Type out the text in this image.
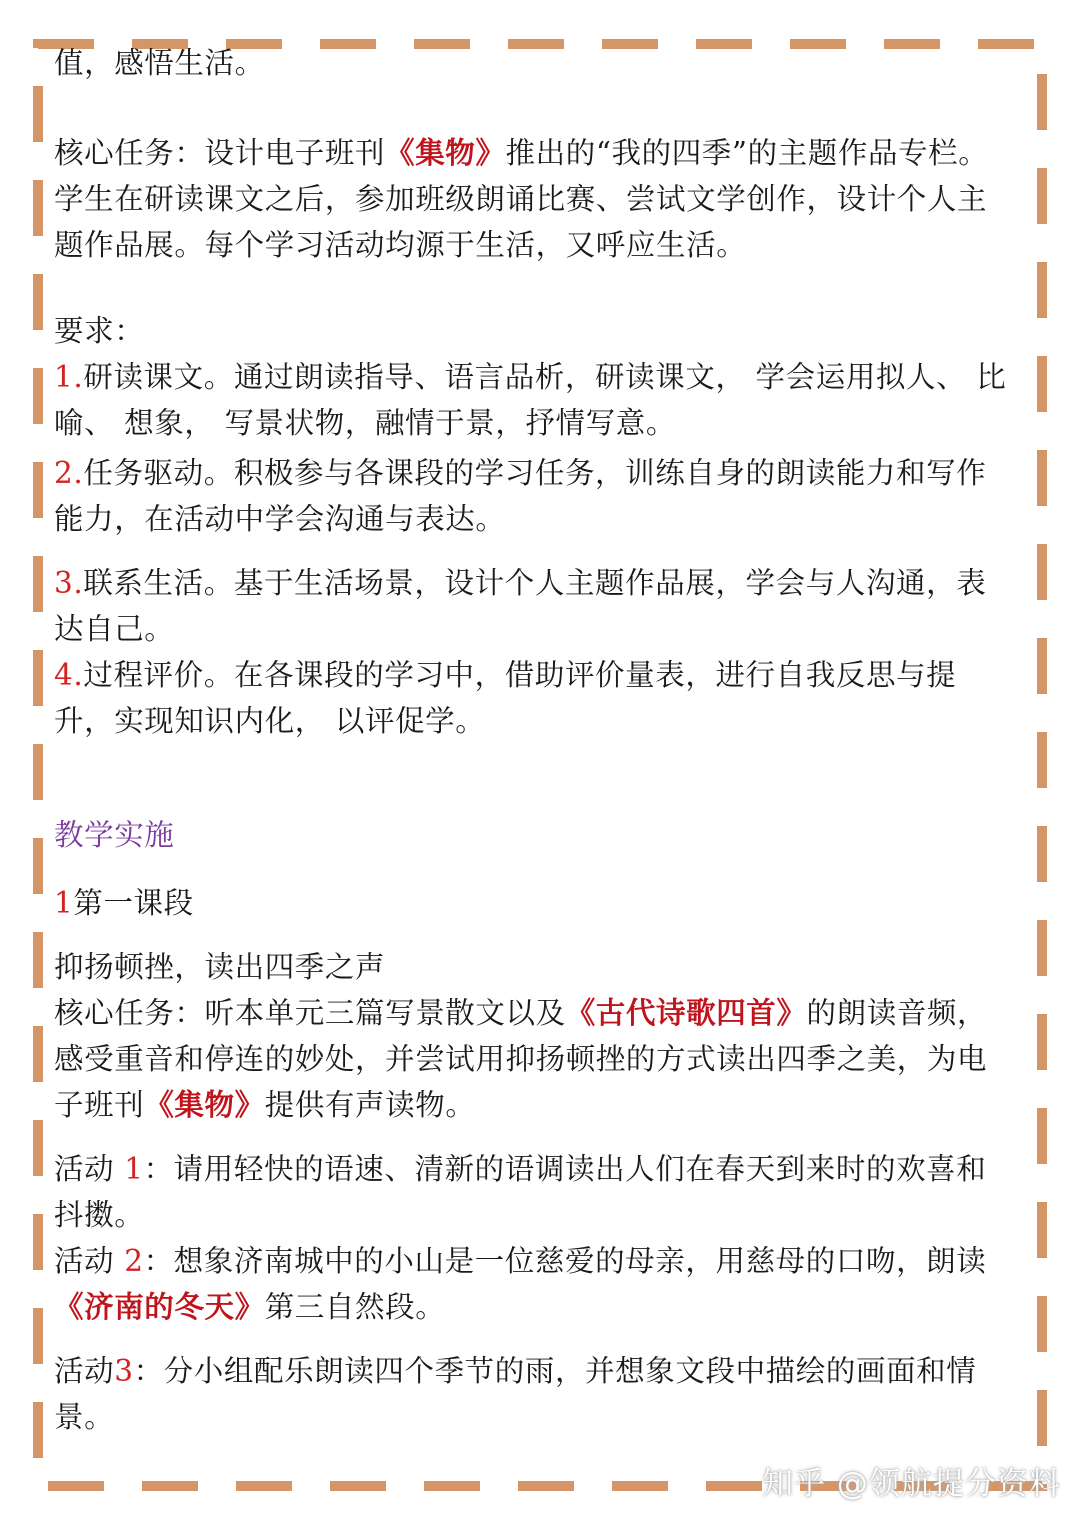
值，感悟生活。

核心任务：设计电子班刊《集物》推出的“我的四季”的主题作品专栏。学生在研读课文之后，参加班级朗诵比赛、尝试文学创作，设计个人主题作品展。每个学习活动均源于生活，又呼应生活。

要求：

1.研读课文。通过朗读指导、语言品析，研读课文， 学会运用拟人、 比喻、 想象， 写景状物，融情于景，抒情写意。

2.任务驱动。积极参与各课段的学习任务，训练自身的朗读能力和写作能力，在活动中学会沟通与表达。

3.联系生活。基于生活场景，设计个人主题作品展，学会与人沟通，表达自己。

4.过程评价。在各课段的学习中，借助评价量表，进行自我反思与提升，实现知识内化， 以评促学。

教学实施

1第一课段

抑扬顿挫，读出四季之声

核心任务：听本单元三篇写景散文以及《古代诗歌四首》的朗读音频，感受重音和停连的妙处，并尝试用抑扬顿挫的方式读出四季之美，为电子班刊《集物》提供有声读物。

活动 1：请用轻快的语速、清新的语调读出人们在春天到来时的欢喜和抖擞。

活动 2：想象济南城中的小山是一位慈爱的母亲，用慈母的口吻，朗读《济南的冬天》第三自然段。

活动3：分小组配乐朗读四个季节的雨，并想象文段中描绘的画面和情景。

知乎 @领航提分资料
